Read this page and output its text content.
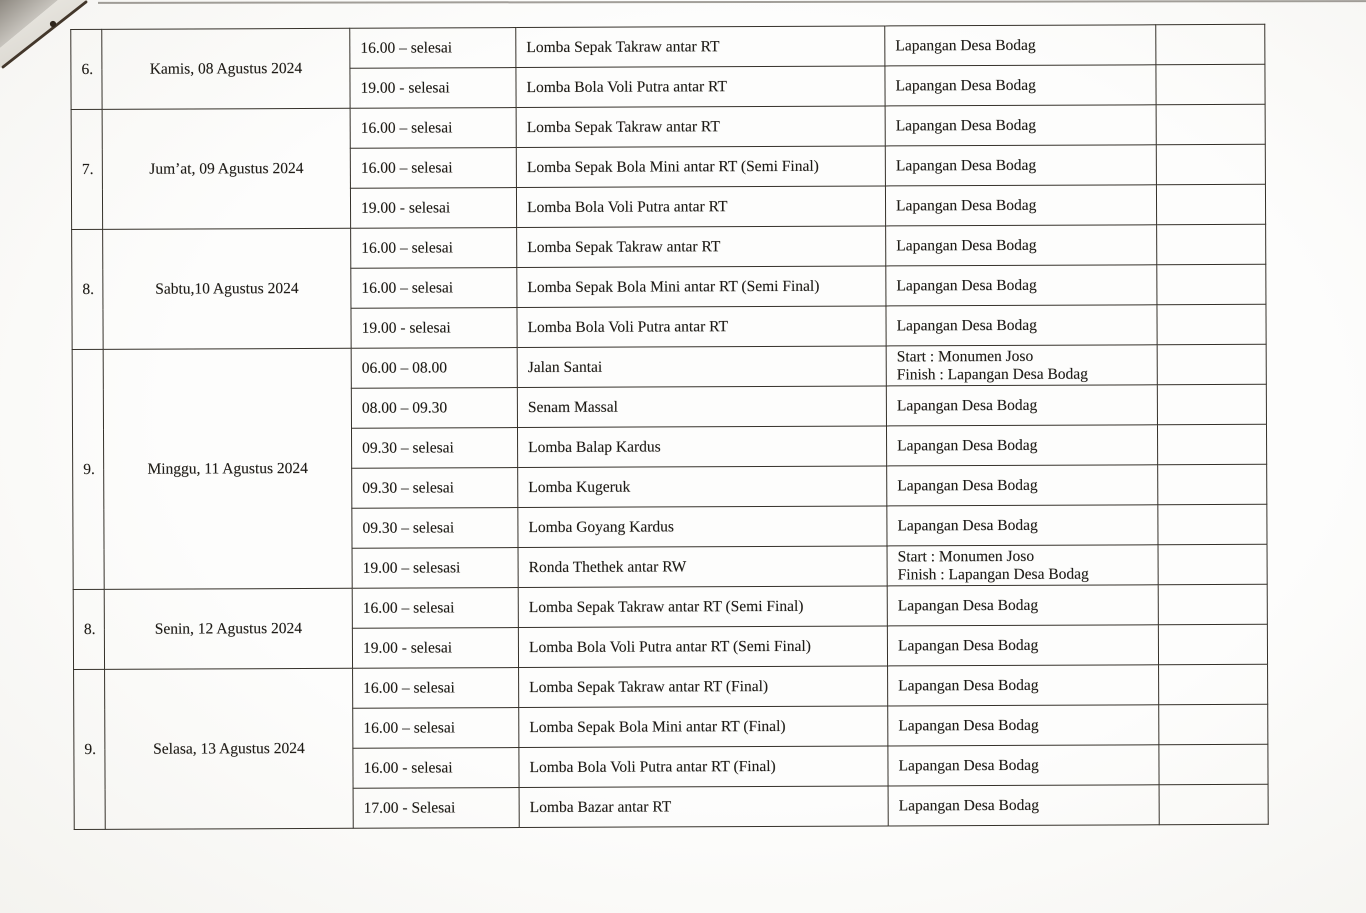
6.	Kamis, 08 Agustus 2024	16.00 – selesai	Lomba Sepak Takraw antar RT	Lapangan Desa Bodag	

		19.00 - selesai	Lomba Bola Voli Putra antar RT	Lapangan Desa Bodag	

7.	Jum’at, 09 Agustus 2024	16.00 – selesai	Lomba Sepak Takraw antar RT	Lapangan Desa Bodag	

		16.00 – selesai	Lomba Sepak Bola Mini antar RT (Semi Final)	Lapangan Desa Bodag	

		19.00 - selesai	Lomba Bola Voli Putra antar RT	Lapangan Desa Bodag	

8.	Sabtu,10 Agustus 2024	16.00 – selesai	Lomba Sepak Takraw antar RT	Lapangan Desa Bodag	

		16.00 – selesai	Lomba Sepak Bola Mini antar RT (Semi Final)	Lapangan Desa Bodag	

		19.00 - selesai	Lomba Bola Voli Putra antar RT	Lapangan Desa Bodag	

9.	Minggu, 11 Agustus 2024	06.00 – 08.00	Jalan Santai	Start : Monumen Joso
Finish : Lapangan Desa Bodag	

		08.00 – 09.30	Senam Massal	Lapangan Desa Bodag	

		09.30 – selesai	Lomba Balap Kardus	Lapangan Desa Bodag	

		09.30 – selesai	Lomba Kugeruk	Lapangan Desa Bodag	

		09.30 – selesai	Lomba Goyang Kardus	Lapangan Desa Bodag	

		19.00 – selesasi	Ronda Thethek antar RW	Start : Monumen Joso
Finish : Lapangan Desa Bodag	

8.	Senin, 12 Agustus 2024	16.00 – selesai	Lomba Sepak Takraw antar RT (Semi Final)	Lapangan Desa Bodag	

		19.00 - selesai	Lomba Bola Voli Putra antar RT (Semi Final)	Lapangan Desa Bodag	

9.	Selasa, 13 Agustus 2024	16.00 – selesai	Lomba Sepak Takraw antar RT (Final)	Lapangan Desa Bodag	

		16.00 – selesai	Lomba Sepak Bola Mini antar RT (Final)	Lapangan Desa Bodag	

		16.00 - selesai	Lomba Bola Voli Putra antar RT (Final)	Lapangan Desa Bodag	

		17.00 - Selesai	Lomba Bazar antar RT	Lapangan Desa Bodag	
